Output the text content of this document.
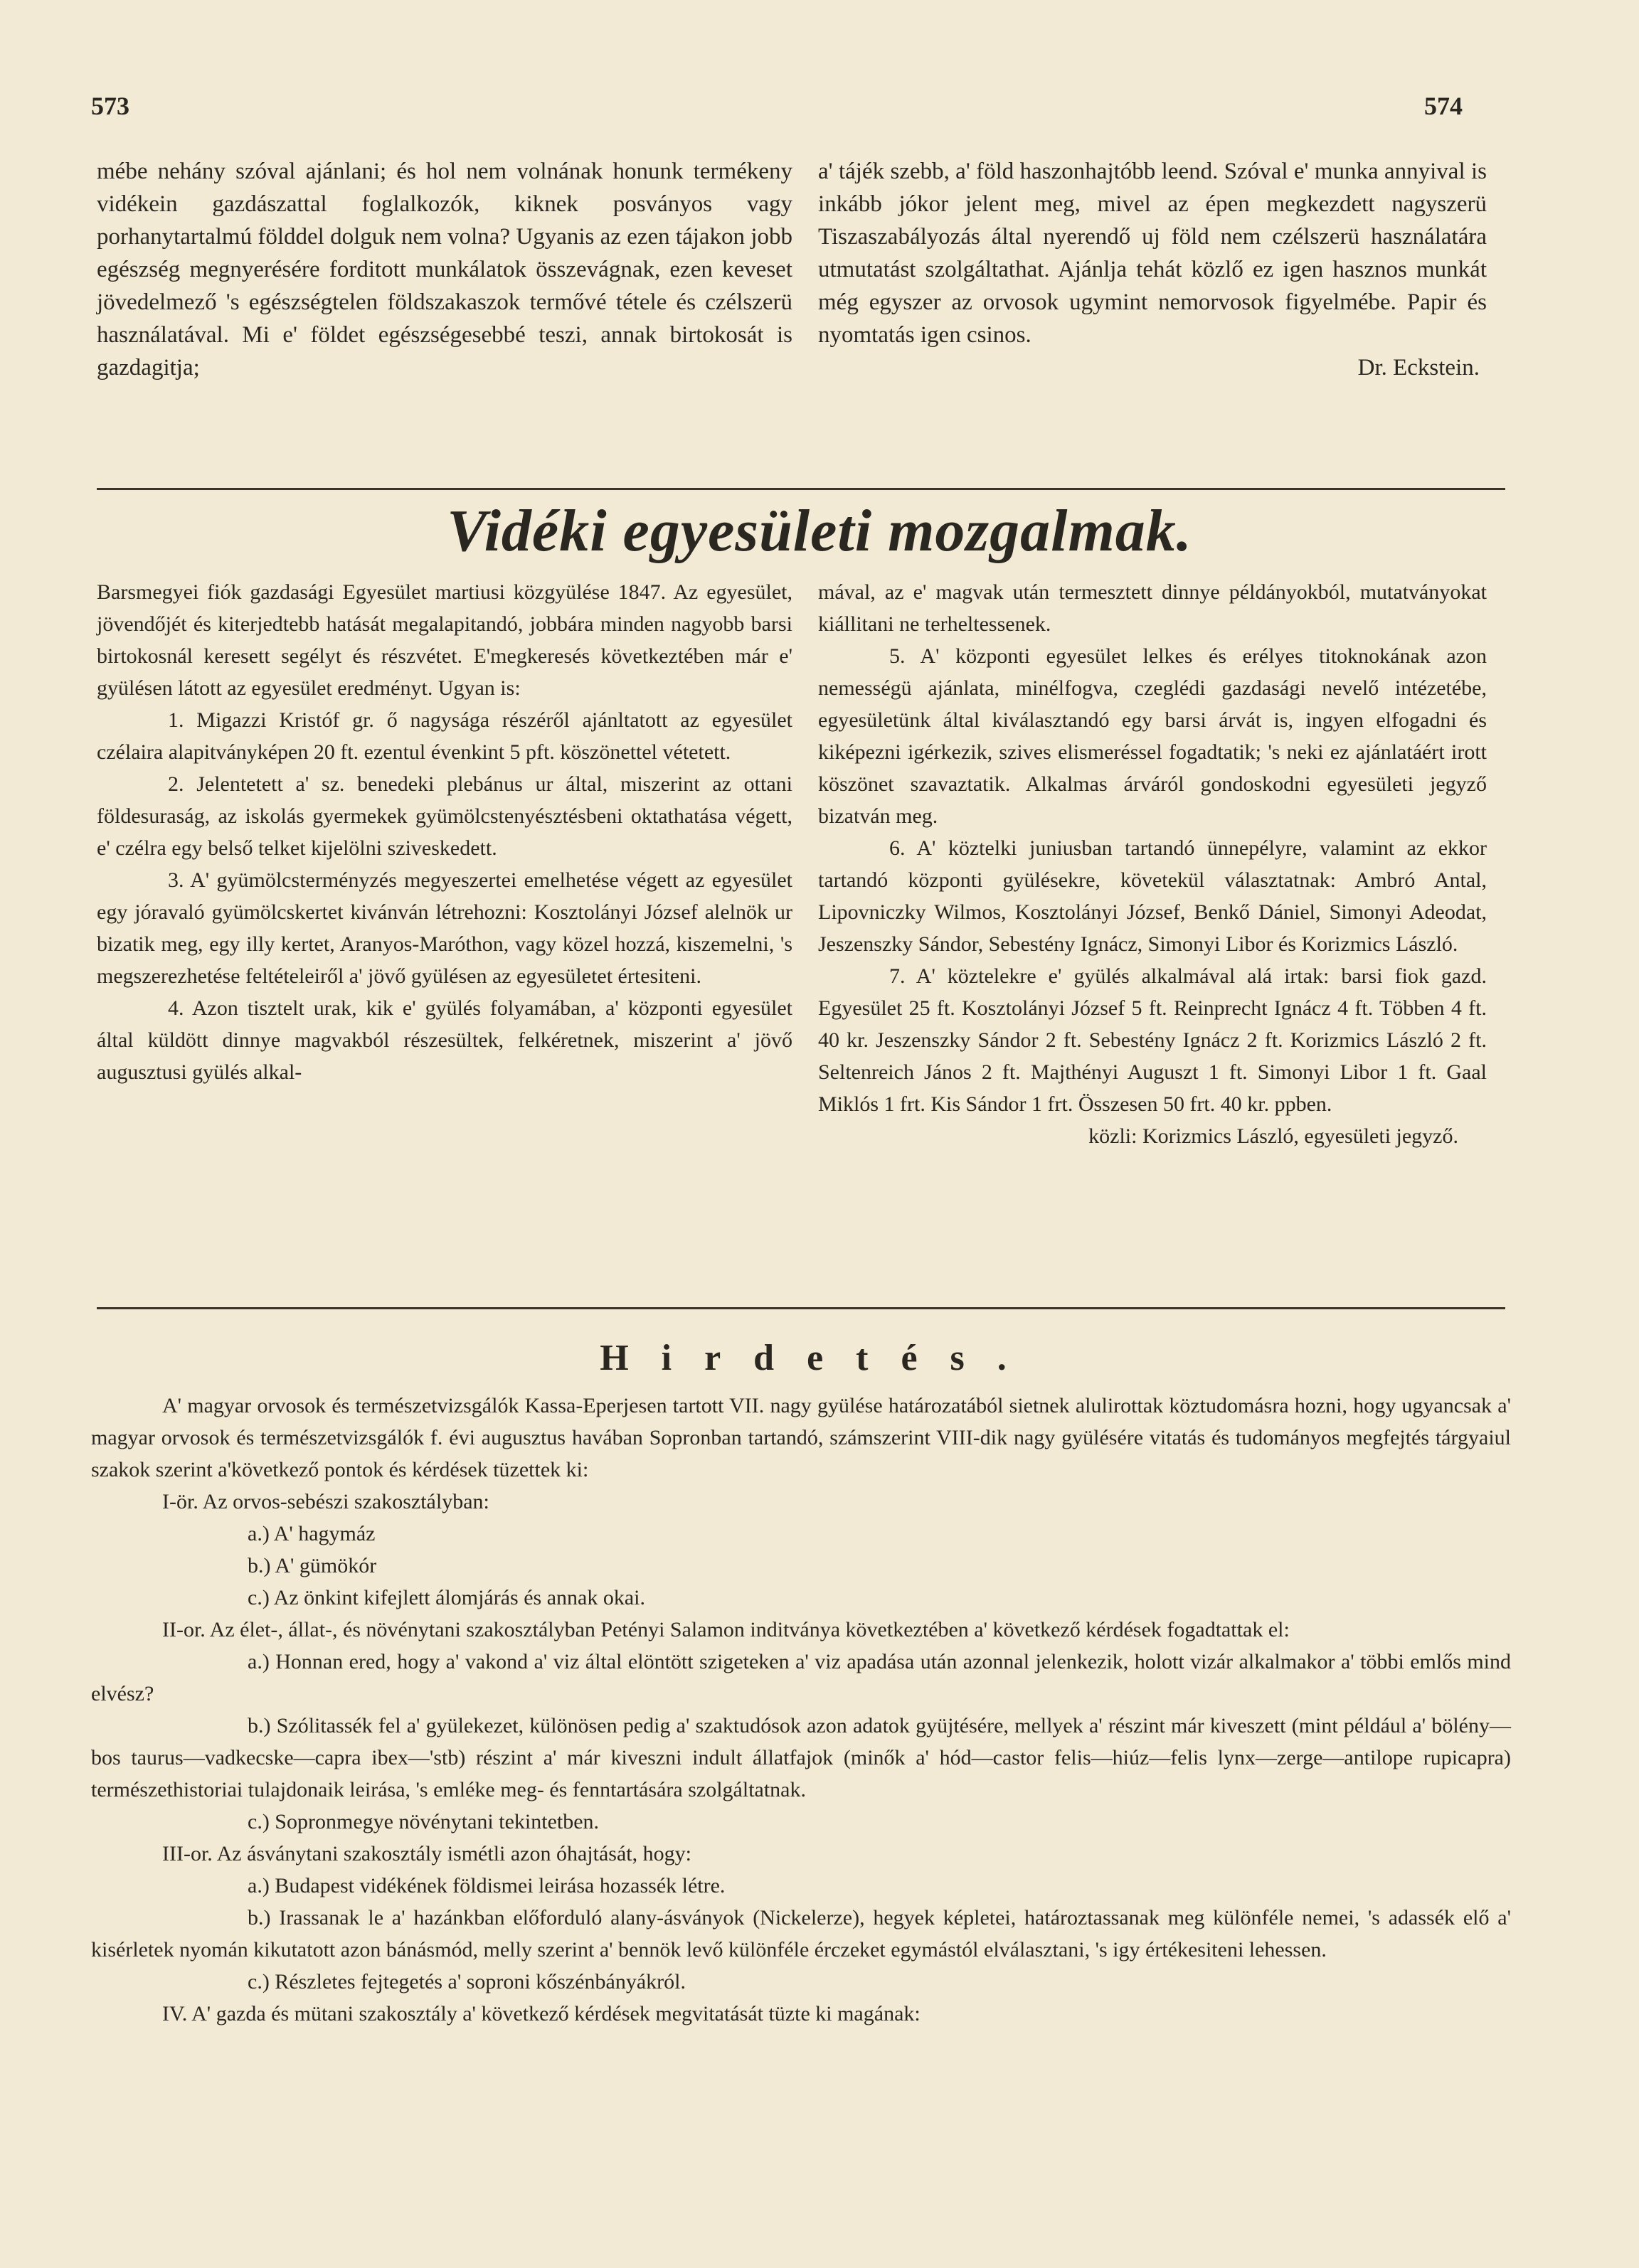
573	574

mébe nehány szóval ajánlani; és hol nem volnának honunk termékeny vidékein gazdászattal foglalkozók, kiknek posványos vagy porhanytartalmú földdel dolguk nem volna? Ugyanis az ezen tájakon jobb egészség megnyerésére forditott munkálatok összevágnak, ezen keveset jövedelmező 's egészségtelen földszakaszok termővé tétele és czélszerü használatával. Mi e' földet egészségesebbé teszi, annak birtokosát is gazdagitja;

a' tájék szebb, a' föld haszonhajtóbb leend. Szóval e' munka annyival is inkább jókor jelent meg, mivel az épen megkezdett nagyszerü Tiszaszabályozás által nyerendő uj föld nem czélszerü használatára utmutatást szolgáltathat. Ajánlja tehát közlő ez igen hasznos munkát még egyszer az orvosok ugymint nemorvosok figyelmébe. Papir és nyomtatás igen csinos.

Dr. Eckstein.

Vidéki egyesületi mozgalmak.

Barsmegyei fiók gazdasági Egyesület martiusi közgyülése 1847. Az egyesület, jövendőjét és kiterjedtebb hatását megalapitandó, jobbára minden nagyobb barsi birtokosnál keresett segélyt és részvétet. E'megkeresés következtében már e' gyülésen látott az egyesület eredményt. Ugyan is:

1. Migazzi Kristóf gr. ő nagysága részéről ajánltatott az egyesület czélaira alapitványképen 20 ft. ezentul évenkint 5 pft. köszönettel vétetett.

2. Jelentetett a' sz. benedeki plebánus ur által, miszerint az ottani földesuraság, az iskolás gyermekek gyümölcstenyésztésbeni oktathatása végett, e' czélra egy belső telket kijelölni sziveskedett.

3. A' gyümölcsterményzés megyeszertei emelhetése végett az egyesület egy jóravaló gyümölcskertet kivánván létrehozni: Kosztolányi József alelnök ur bizatik meg, egy illy kertet, Aranyos-Maróthon, vagy közel hozzá, kiszemelni, 's megszerezhetése feltételeiről a' jövő gyülésen az egyesületet értesiteni.

4. Azon tisztelt urak, kik e' gyülés folyamában, a' központi egyesület által küldött dinnye magvakból részesültek, felkéretnek, miszerint a' jövő augusztusi gyülés alkal-

mával, az e' magvak után termesztett dinnye példányokból, mutatványokat kiállitani ne terheltessenek.

5. A' központi egyesület lelkes és erélyes titoknokának azon nemességü ajánlata, minélfogva, czeglédi gazdasági nevelő intézetébe, egyesületünk által kiválasztandó egy barsi árvát is, ingyen elfogadni és kiképezni igérkezik, szives elismeréssel fogadtatik; 's neki ez ajánlatáért irott köszönet szavaztatik. Alkalmas árváról gondoskodni egyesületi jegyző bizatván meg.

6. A' köztelki juniusban tartandó ünnepélyre, valamint az ekkor tartandó központi gyülésekre, követekül választatnak: Ambró Antal, Lipovniczky Wilmos, Kosztolányi József, Benkő Dániel, Simonyi Adeodat, Jeszenszky Sándor, Sebestény Ignácz, Simonyi Libor és Korizmics László.

7. A' köztelekre e' gyülés alkalmával alá irtak: barsi fiok gazd. Egyesület 25 ft. Kosztolányi József 5 ft. Reinprecht Ignácz 4 ft. Többen 4 ft. 40 kr. Jeszenszky Sándor 2 ft. Sebestény Ignácz 2 ft. Korizmics László 2 ft. Seltenreich János 2 ft. Majthényi Auguszt 1 ft. Simonyi Libor 1 ft. Gaal Miklós 1 frt. Kis Sándor 1 frt. Összesen 50 frt. 40 kr. ppben.

közli: Korizmics László, egyesületi jegyző.

Hirdetés.

A' magyar orvosok és természetvizsgálók Kassa-Eperjesen tartott VII. nagy gyülése határozatából sietnek alulirottak köztudomásra hozni, hogy ugyancsak a' magyar orvosok és természetvizsgálók f. évi augusztus havában Sopronban tartandó, számszerint VIII-dik nagy gyülésére vitatás és tudományos megfejtés tárgyaiul szakok szerint a'következő pontok és kérdések tüzettek ki:

I-ör. Az orvos-sebészi szakosztályban:

a.) A' hagymáz

b.) A' gümökór

c.) Az önkint kifejlett álomjárás és annak okai.

II-or. Az élet-, állat-, és növénytani szakosztályban Petényi Salamon inditványa következtében a' következő kérdések fogadtattak el:

a.) Honnan ered, hogy a' vakond a' viz által elöntött szigeteken a' viz apadása után azonnal jelenkezik, holott vizár alkalmakor a' többi emlős mind elvész?

b.) Szólitassék fel a' gyülekezet, különösen pedig a' szaktudósok azon adatok gyüjtésére, mellyek a' részint már kiveszett (mint például a' bölény—bos taurus—vadkecske—capra ibex—'stb) részint a' már kiveszni indult állatfajok (minők a' hód—castor felis—hiúz—felis lynx—zerge—antilope rupicapra) természethistoriai tulajdonaik leirása, 's emléke meg- és fenntartására szolgáltatnak.

c.) Sopronmegye növénytani tekintetben.

III-or. Az ásványtani szakosztály ismétli azon óhajtását, hogy:

a.) Budapest vidékének földismei leirása hozassék létre.

b.) Irassanak le a' hazánkban előforduló alany-ásványok (Nickelerze), hegyek képletei, határoztassanak meg különféle nemei, 's adassék elő a' kisérletek nyomán kikutatott azon bánásmód, melly szerint a' bennök levő különféle érczeket egymástól elválasztani, 's igy értékesiteni lehessen.

c.) Részletes fejtegetés a' soproni kőszénbányákról.

IV. A' gazda és mütani szakosztály a' következő kérdések megvitatását tüzte ki magának:
